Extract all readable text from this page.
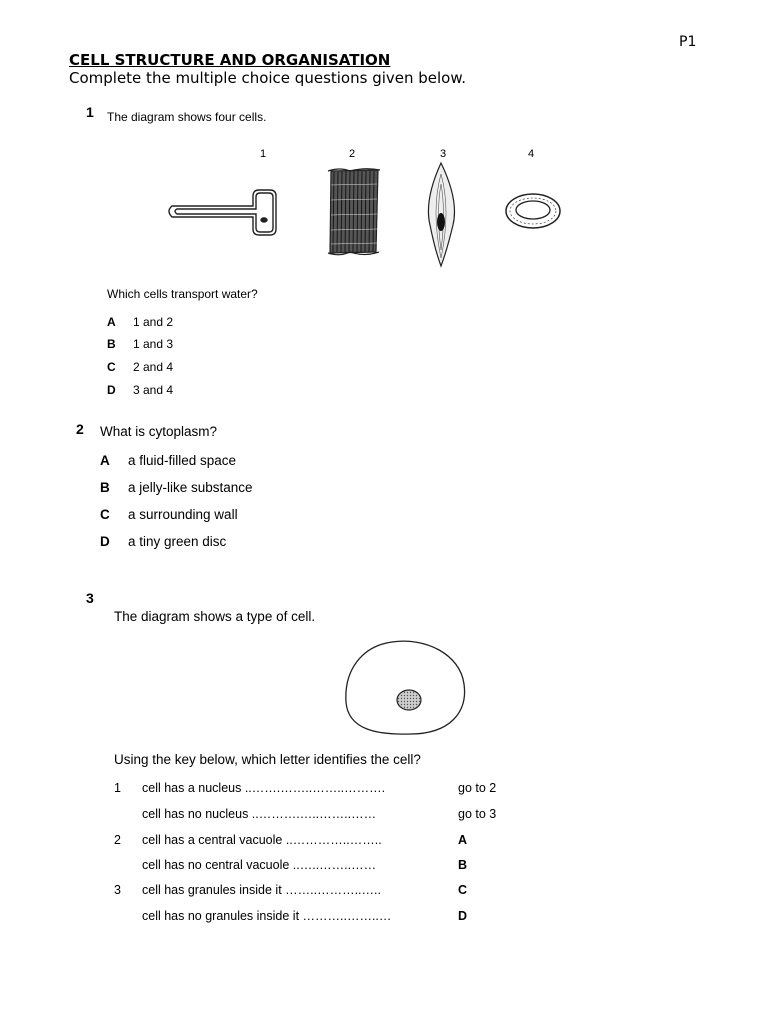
P1
CELL STRUCTURE AND ORGANISATION
Complete the multiple choice questions given below.
1 The diagram shows four cells.
1	2	3	4
Which cells transport water?
A 1 and 2
B 1 and 3
C 2 and 4
D 3 and 4
2 What is cytoplasm?
A a fluid-filled space
B a jelly-like substance
C a surrounding wall
D a tiny green disc
3
The diagram shows a type of cell.
Using the key below, which letter identifies the cell?
1 cell has a nucleus ..…….……..……..……….	go to 2
cell has no nucleus ..……….…..……..……	go to 3
2 cell has a central vacuole ..…………..……..	A
cell has no central vacuole ..…..……..……	B
3 cell has granules inside it ……..………..…..	C
cell has no granules inside it ………..……..…	D
